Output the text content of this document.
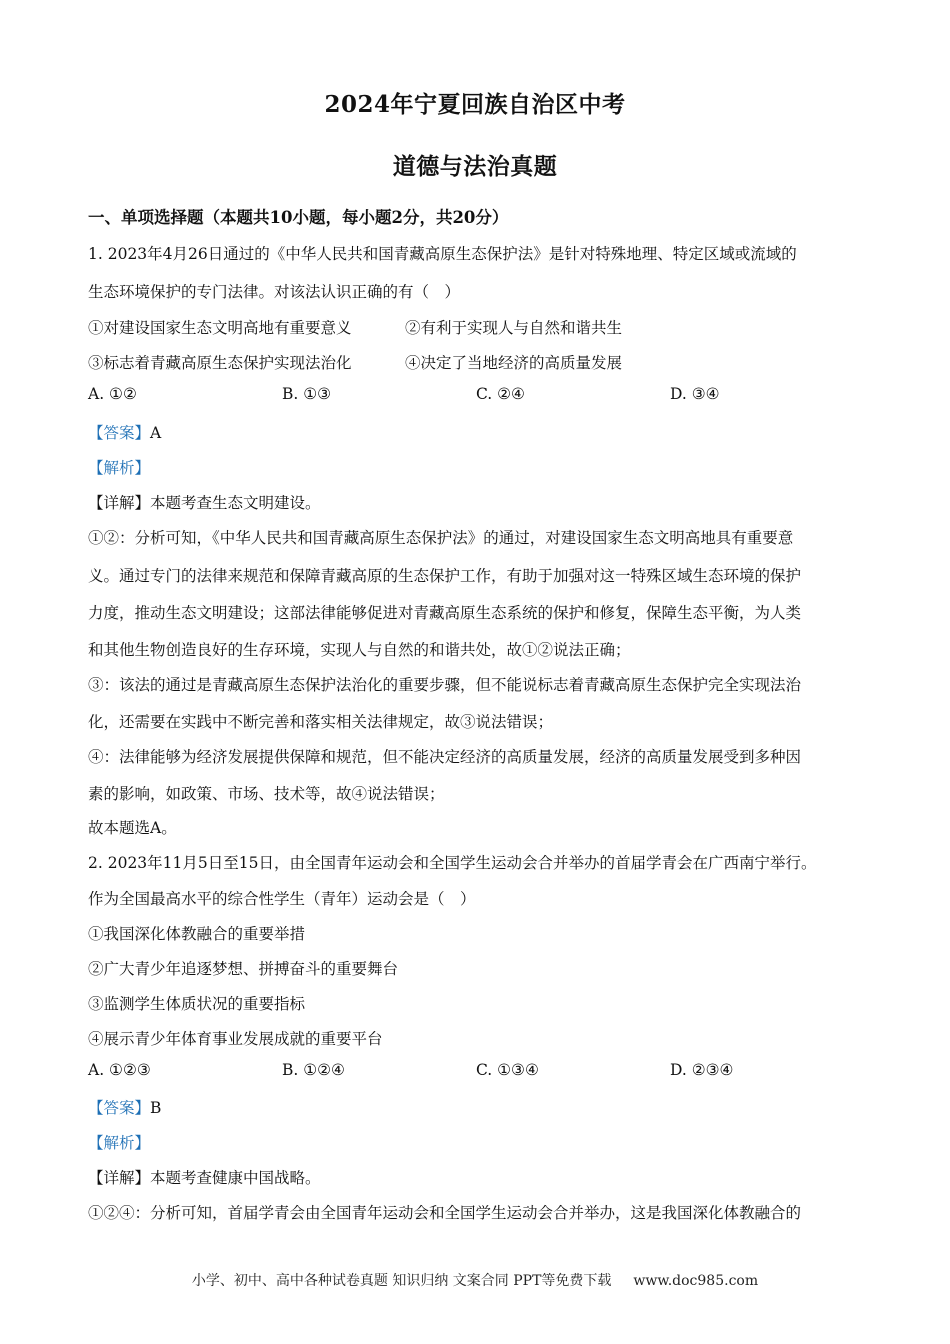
2024年宁夏回族自治区中考
道德与法治真题
一、单项选择题（本题共10小题，每小题2分，共20分）
1. 2023年4月26日通过的《中华人民共和国青藏高原生态保护法》是针对特殊地理、特定区域或流域的
生态环境保护的专门法律。对该法认识正确的有（　）
①对建设国家生态文明高地有重要意义	②有利于实现人与自然和谐共生
③标志着青藏高原生态保护实现法治化	④决定了当地经济的高质量发展
A. ①②	B. ①③	C. ②④	D. ③④
【答案】A
【解析】
【详解】本题考查生态文明建设。
①②：分析可知，《中华人民共和国青藏高原生态保护法》的通过，对建设国家生态文明高地具有重要意
义。通过专门的法律来规范和保障青藏高原的生态保护工作，有助于加强对这一特殊区域生态环境的保护
力度，推动生态文明建设；这部法律能够促进对青藏高原生态系统的保护和修复，保障生态平衡，为人类
和其他生物创造良好的生存环境，实现人与自然的和谐共处，故①②说法正确；
③：该法的通过是青藏高原生态保护法治化的重要步骤，但不能说标志着青藏高原生态保护完全实现法治
化，还需要在实践中不断完善和落实相关法律规定，故③说法错误；
④：法律能够为经济发展提供保障和规范，但不能决定经济的高质量发展，经济的高质量发展受到多种因
素的影响，如政策、市场、技术等，故④说法错误；
故本题选A。
2. 2023年11月5日至15日，由全国青年运动会和全国学生运动会合并举办的首届学青会在广西南宁举行。
作为全国最高水平的综合性学生（青年）运动会是（　）
①我国深化体教融合的重要举措
②广大青少年追逐梦想、拼搏奋斗的重要舞台
③监测学生体质状况的重要指标
④展示青少年体育事业发展成就的重要平台
A. ①②③	B. ①②④	C. ①③④	D. ②③④
【答案】B
【解析】
【详解】本题考查健康中国战略。
①②④：分析可知，首届学青会由全国青年运动会和全国学生运动会合并举办，这是我国深化体教融合的
小学、初中、高中各种试卷真题 知识归纳 文案合同 PPT等免费下载 www.doc985.com
